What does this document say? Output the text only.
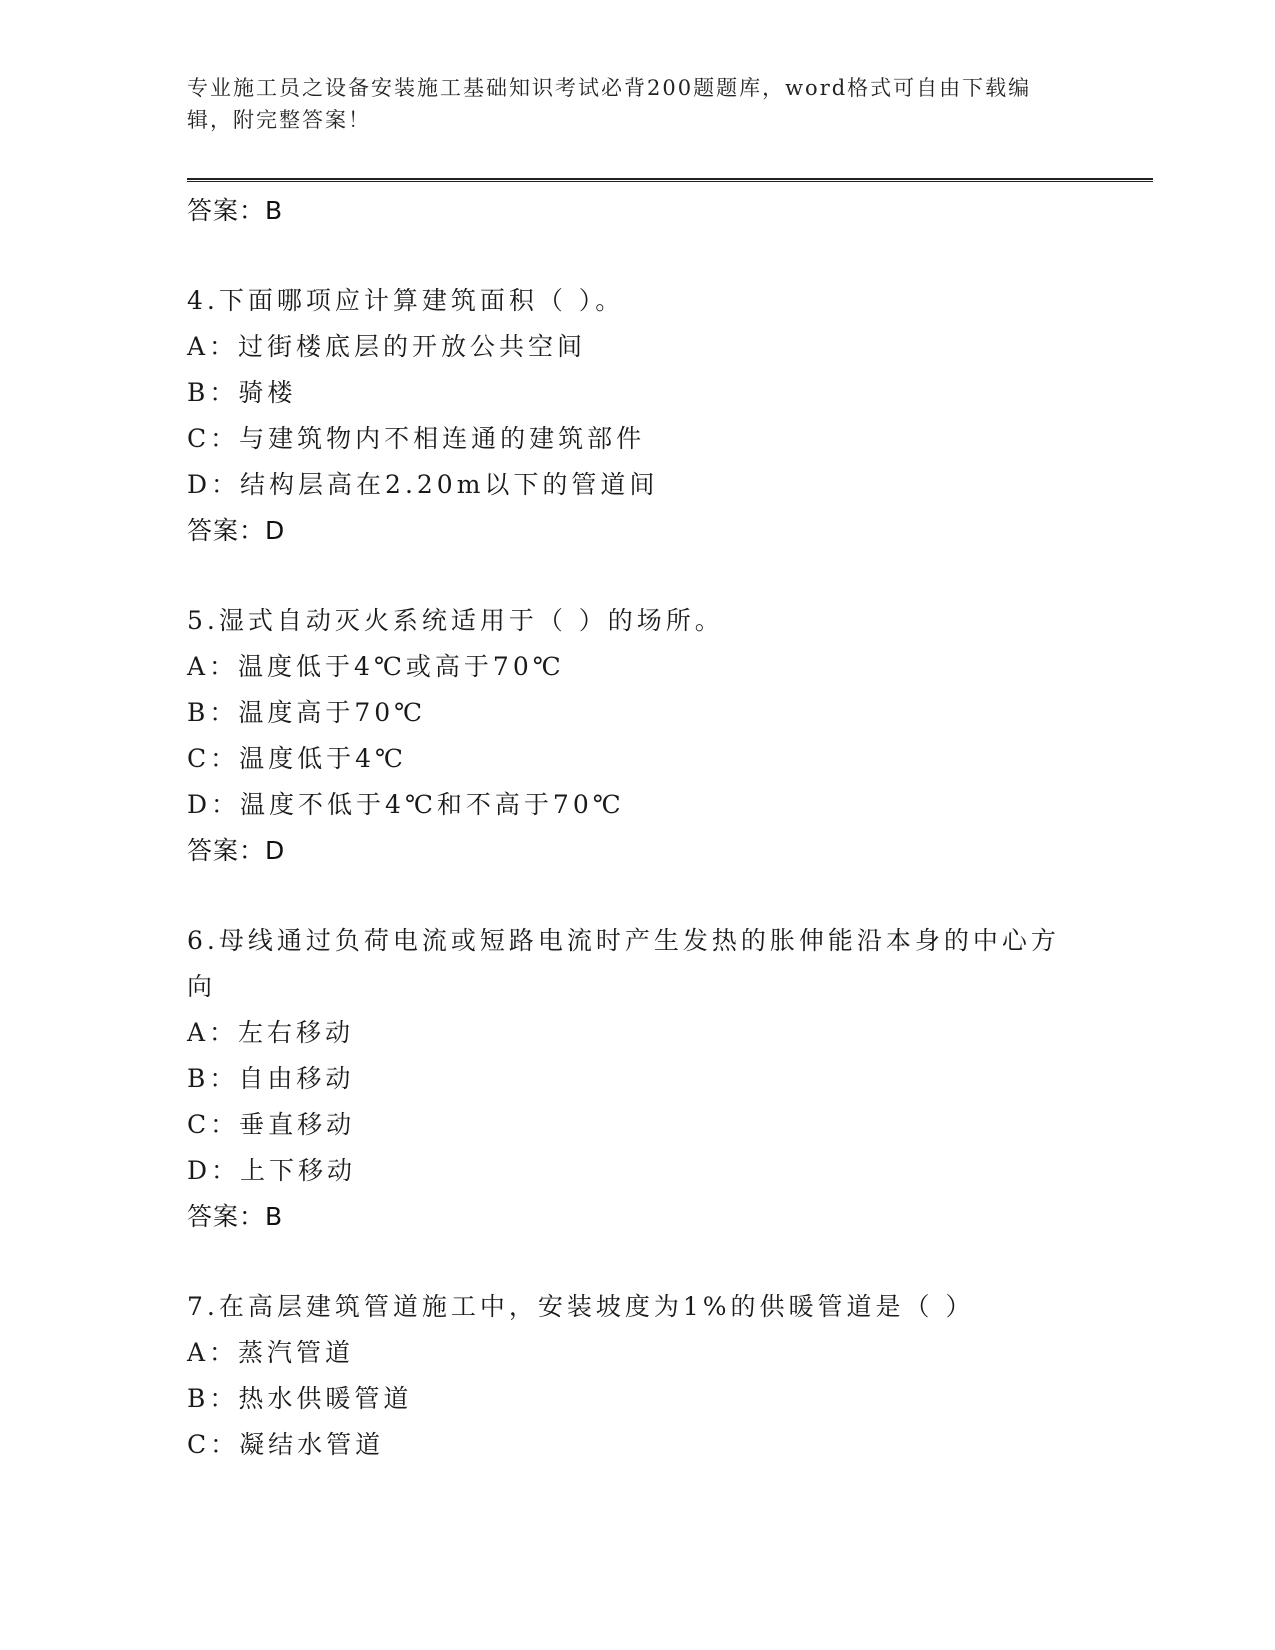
专业施工员之设备安装施工基础知识考试必背200题题库，word格式可自由下载编辑，附完整答案！
答案：B
4.下面哪项应计算建筑面积（ ）。
A：过街楼底层的开放公共空间
B：骑楼
C：与建筑物内不相连通的建筑部件
D：结构层高在2.20m以下的管道间
答案：D
5.湿式自动灭火系统适用于（ ）的场所。
A：温度低于4℃或高于70℃
B：温度高于70℃
C：温度低于4℃
D：温度不低于4℃和不高于70℃
答案：D
6.母线通过负荷电流或短路电流时产生发热的胀伸能沿本身的中心方向
A：左右移动
B：自由移动
C：垂直移动
D：上下移动
答案：B
7.在高层建筑管道施工中，安装坡度为1%的供暖管道是（ ）
A：蒸汽管道
B：热水供暖管道
C：凝结水管道
